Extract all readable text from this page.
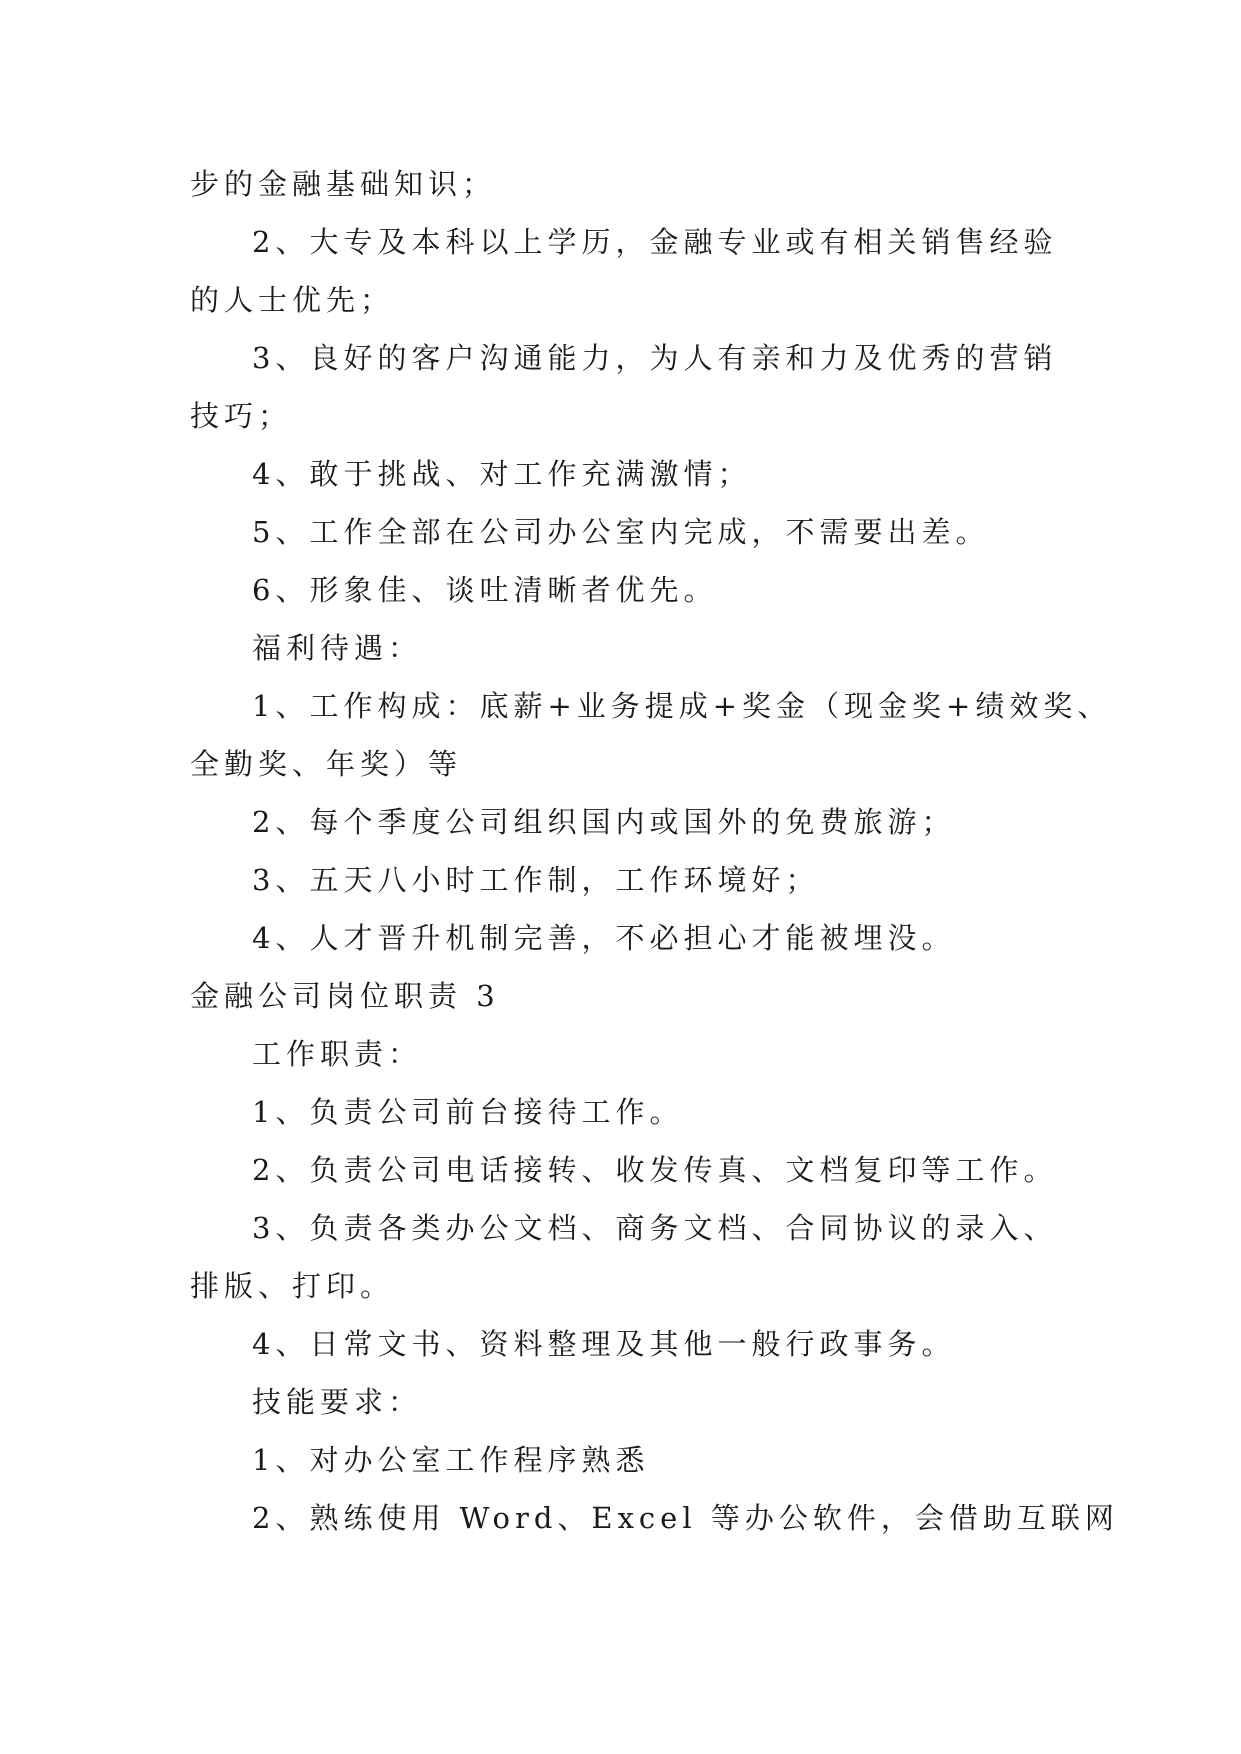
步的金融基础知识；
2、大专及本科以上学历，金融专业或有相关销售经验
的人士优先；
3、良好的客户沟通能力，为人有亲和力及优秀的营销
技巧；
4、敢于挑战、对工作充满激情；
5、工作全部在公司办公室内完成，不需要出差。
6、形象佳、谈吐清晰者优先。
福利待遇：
1、工作构成：底薪+业务提成+奖金（现金奖+绩效奖、
全勤奖、年奖）等
2、每个季度公司组织国内或国外的免费旅游；
3、五天八小时工作制，工作环境好；
4、人才晋升机制完善，不必担心才能被埋没。
金融公司岗位职责 3
工作职责：
1、负责公司前台接待工作。
2、负责公司电话接转、收发传真、文档复印等工作。
3、负责各类办公文档、商务文档、合同协议的录入、
排版、打印。
4、日常文书、资料整理及其他一般行政事务。
技能要求：
1、对办公室工作程序熟悉
2、熟练使用 Word、Excel 等办公软件，会借助互联网
